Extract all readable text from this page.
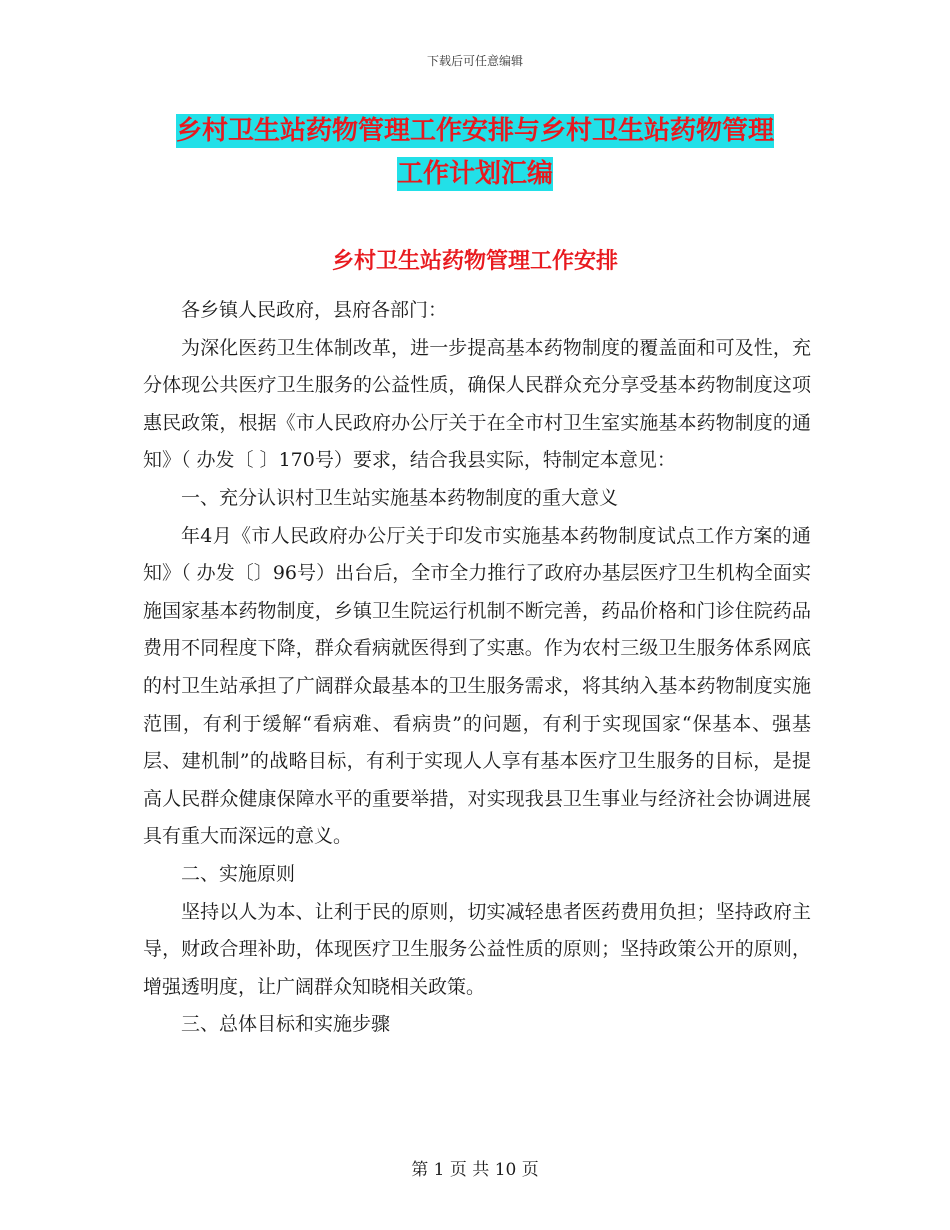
下载后可任意编辑
乡村卫生站药物管理工作安排与乡村卫生站药物管理
工作计划汇编
乡村卫生站药物管理工作安排

各乡镇人民政府，县府各部门：

为深化医药卫生体制改革，进一步提高基本药物制度的覆盖面和可及性，充分体现公共医疗卫生服务的公益性质，确保人民群众充分享受基本药物制度这项惠民政策，根据《市人民政府办公厅关于在全市村卫生室实施基本药物制度的通知》（ 办发〔 〕170号）要求，结合我县实际，特制定本意见：

一、充分认识村卫生站实施基本药物制度的重大意义

年4月《市人民政府办公厅关于印发市实施基本药物制度试点工作方案的通知》（ 办发〔〕96号）出台后，全市全力推行了政府办基层医疗卫生机构全面实施国家基本药物制度，乡镇卫生院运行机制不断完善，药品价格和门诊住院药品费用不同程度下降，群众看病就医得到了实惠。作为农村三级卫生服务体系网底的村卫生站承担了广阔群众最基本的卫生服务需求，将其纳入基本药物制度实施范围，有利于缓解“看病难、看病贵”的问题，有利于实现国家“保基本、强基层、建机制”的战略目标，有利于实现人人享有基本医疗卫生服务的目标，是提高人民群众健康保障水平的重要举措，对实现我县卫生事业与经济社会协调进展具有重大而深远的意义。

二、实施原则

坚持以人为本、让利于民的原则，切实减轻患者医药费用负担；坚持政府主导，财政合理补助，体现医疗卫生服务公益性质的原则；坚持政策公开的原则，增强透明度，让广阔群众知晓相关政策。

三、总体目标和实施步骤

第 1 页 共 10 页
